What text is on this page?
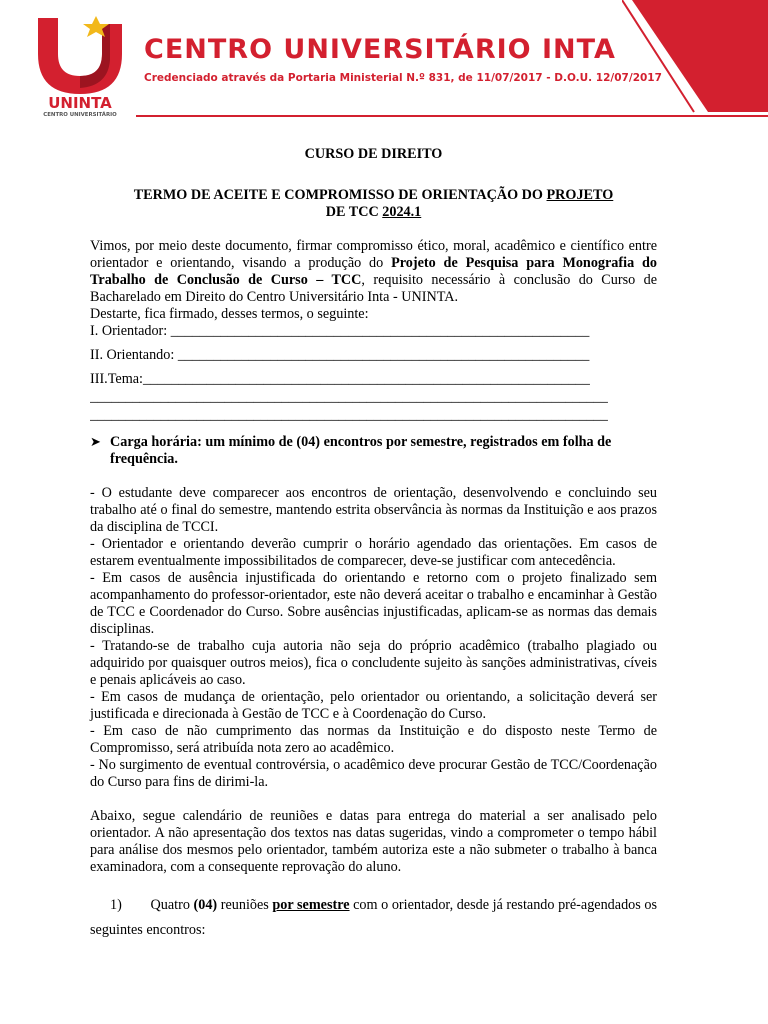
UNINTA
CENTRO UNIVERSITÁRIO
CENTRO UNIVERSITÁRIO INTA
Credenciado através da Portaria Ministerial N.º 831, de 11/07/2017 - D.O.U. 12/07/2017
CURSO DE DIREITO
TERMO DE ACEITE E COMPROMISSO DE ORIENTAÇÃO DO PROJETO
DE TCC 2024.1

Vimos, por meio deste documento, firmar compromisso ético, moral, acadêmico e científico entre orientador e orientando, visando a produção do Projeto de Pesquisa para Monografia do Trabalho de Conclusão de Curso – TCC, requisito necessário à conclusão do Curso de Bacharelado em Direito do Centro Universitário Inta - UNINTA.

Destarte, fica firmado, desses termos, o seguinte:

I. Orientador: ___________________________________________________________
II. Orientando: __________________________________________________________
III.Tema:_______________________________________________________________
_________________________________________________________________________
_________________________________________________________________________
➤ Carga horária: um mínimo de (04) encontros por semestre, registrados em folha de frequência.

- O estudante deve comparecer aos encontros de orientação, desenvolvendo e concluindo seu trabalho até o final do semestre, mantendo estrita observância às normas da Instituição e aos prazos da disciplina de TCCI.

- Orientador e orientando deverão cumprir o horário agendado das orientações. Em casos de estarem eventualmente impossibilitados de comparecer, deve-se justificar com antecedência.

- Em casos de ausência injustificada do orientando e retorno com o projeto finalizado sem acompanhamento do professor-orientador, este não deverá aceitar o trabalho e encaminhar à Gestão de TCC e Coordenador do Curso. Sobre ausências injustificadas, aplicam-se as normas das demais disciplinas.

- Tratando-se de trabalho cuja autoria não seja do próprio acadêmico (trabalho plagiado ou adquirido por quaisquer outros meios), fica o concludente sujeito às sanções administrativas, cíveis e penais aplicáveis ao caso.

- Em casos de mudança de orientação, pelo orientador ou orientando, a solicitação deverá ser justificada e direcionada à Gestão de TCC e à Coordenação do Curso.

- Em caso de não cumprimento das normas da Instituição e do disposto neste Termo de Compromisso, será atribuída nota zero ao acadêmico.

- No surgimento de eventual controvérsia, o acadêmico deve procurar Gestão de TCC/Coordenação do Curso para fins de dirimi-la.

Abaixo, segue calendário de reuniões e datas para entrega do material a ser analisado pelo orientador. A não apresentação dos textos nas datas sugeridas, vindo a comprometer o tempo hábil para análise dos mesmos pelo orientador, também autoriza este a não submeter o trabalho à banca examinadora, com a consequente reprovação do aluno.

1) Quatro (04) reuniões por semestre com o orientador, desde já restando pré-agendados os seguintes encontros:
